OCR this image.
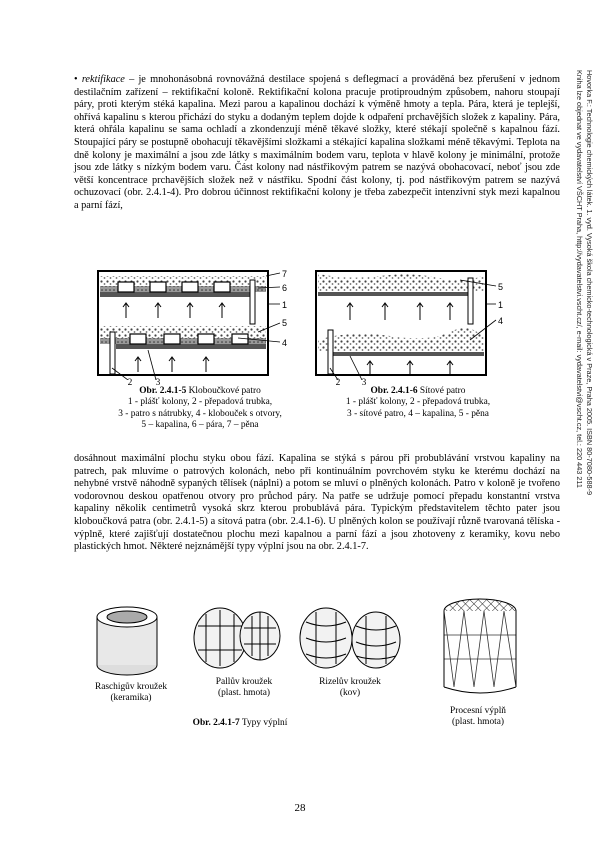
Hovorka F.: Technologie chemických látek. 1. vyd. Vysoká škola chemicko-technologická v Praze, Praha 2005. ISBN 80-7080-588-9
Kniha lze objednat ve vydavatelství VŠCHT Praha, http://vydavatelstvi.vscht.cz/, e-mail: vydavatelstvi@vscht.cz, tel.: 220 443 211

• rektifikace – je mnohonásobná rovnovážná destilace spojená s deflegmací a prováděná bez přerušení v jednom destilačním zařízení – rektifikační koloně. Rektifikační kolona pracuje protiproudným způsobem, nahoru stoupají páry, proti kterým stéká kapalina. Mezi parou a kapalinou dochází k výměně hmoty a tepla. Pára, která je teplejší, ohřívá kapalinu s kterou přichází do styku a dodaným teplem dojde k odpaření prchavějších složek z kapaliny. Pára, která ohřála kapalinu se sama ochladí a zkondenzují méně těkavé složky, které stékají společně s kapalnou fází. Stoupající páry se postupně obohacují těkavějšími složkami a stékající kapalina složkami méně těkavými. Teplota na dně kolony je maximální a jsou zde látky s maximálním bodem varu, teplota v hlavě kolony je minimální, protože jsou zde látky s nízkým bodem varu. Část kolony nad nástřikovým patrem se nazývá obohacovací, neboť jsou zde větší koncentrace prchavějších složek než v nástřiku. Spodní část kolony, tj. pod nástřikovým patrem se nazývá ochuzovací (obr. 2.4.1-4). Pro dobrou účinnost rektifikační kolony je třeba zabezpečit intenzivní styk mezi kapalnou a parní fází,

7
6
1
5
4
2	3
Obr. 2.4.1-5 Kloboučkové patro
1 - plášť kolony, 2 - přepadová trubka,
3 - patro s nátrubky, 4 - klobouček s otvory,
5 – kapalina, 6 – pára, 7 – pěna
5
1
4
2	3
Obr. 2.4.1-6 Sítové patro
1 - plášť kolony, 2 - přepadová trubka,
3 - sítové patro, 4 – kapalina, 5 - pěna

dosáhnout maximální plochu styku obou fází. Kapalina se stýká s párou při probublávání vrstvou kapaliny na patrech, pak mluvíme o patrových kolonách, nebo při kontinuálním povrchovém styku ke kterému dochází na nehybné vrstvě náhodně sypaných tělísek (náplni) a potom se mluví o plněných kolonách. Patro v koloně je tvořeno vodorovnou deskou opatřenou otvory pro průchod páry. Na patře se udržuje pomocí přepadu konstantní vrstva kapaliny několik centimetrů vysoká skrz kterou probublává pára. Typickým představitelem těchto pater jsou kloboučková patra (obr. 2.4.1-5) a sítová patra (obr. 2.4.1-6). U plněných kolon se používají různě tvarovaná tělíska - výplně, které zajišťují dostatečnou plochu mezi kapalnou a parní fází a jsou zhotoveny z keramiky, kovu nebo plastických hmot. Některé nejznámější typy výplní jsou na obr. 2.4.1-7.

Raschigův kroužek
(keramika)
Pallův kroužek
(plast. hmota)
Rizelův kroužek
(kov)
Procesní výplň
(plast. hmota)
Obr. 2.4.1-7 Typy výplní
28
